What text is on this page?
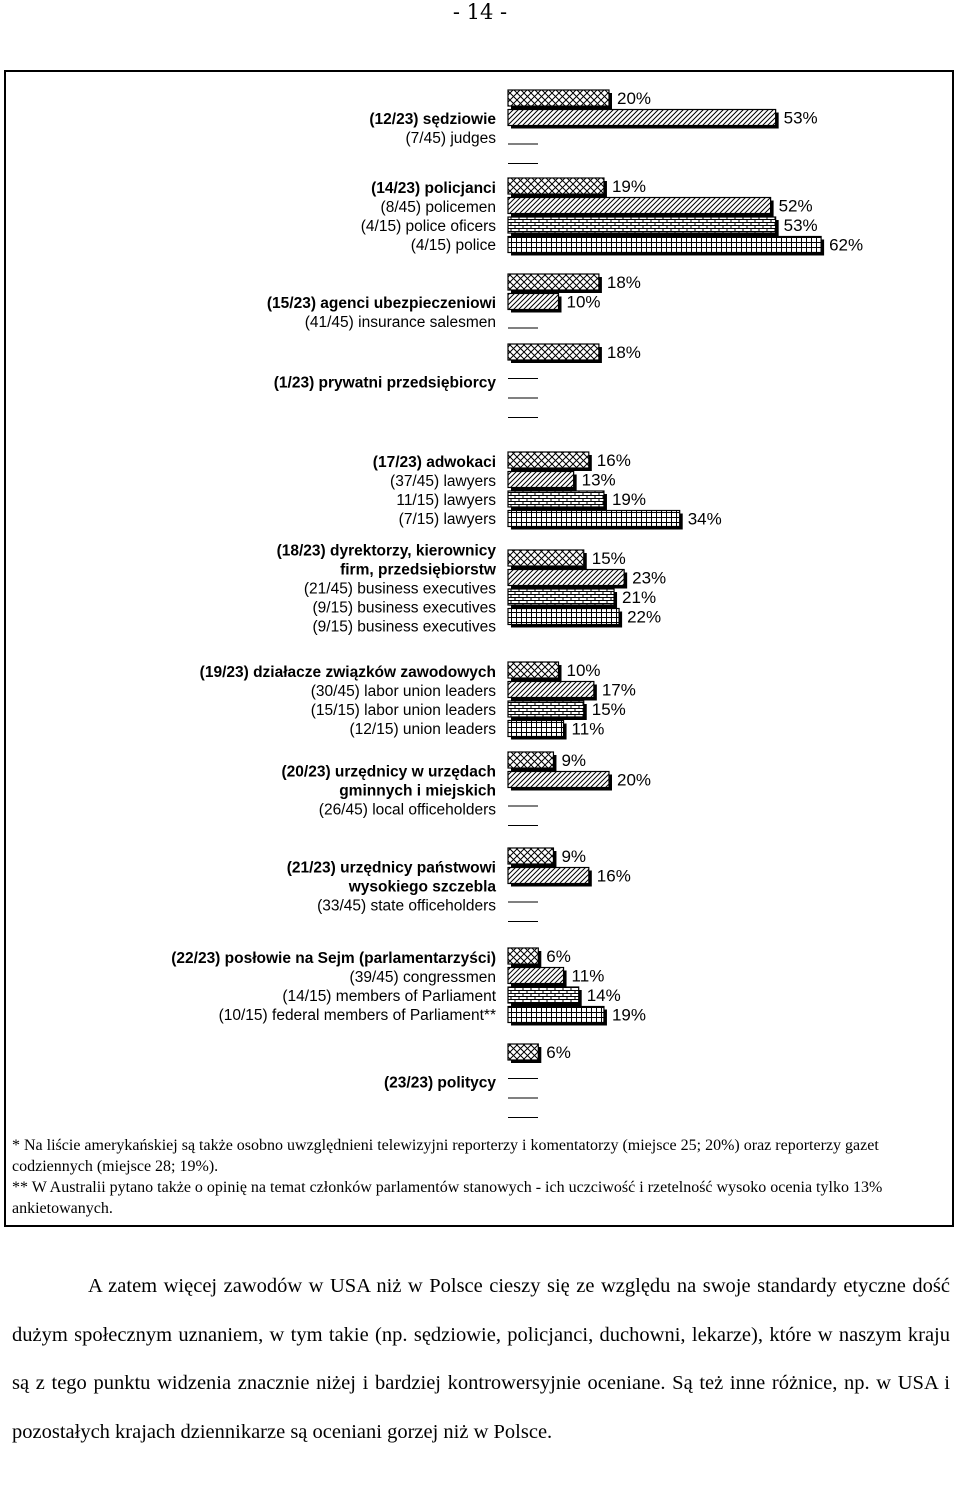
- 14 -
(12/23) sędziowie
(7/45) judges
20%
53%
(14/23) policjanci
(8/45) policemen
(4/15) police oficers
(4/15) police
19%
52%
53%
62%
(15/23) agenci ubezpieczeniowi
(41/45) insurance salesmen
18%
10%
(1/23) prywatni przedsiębiorcy
18%
(17/23) adwokaci
(37/45) lawyers
11/15) lawyers
(7/15) lawyers
16%
13%
19%
34%
(18/23) dyrektorzy, kierownicy
firm, przedsiębiorstw
(21/45) business executives
(9/15) business executives
(9/15) business executives
15%
23%
21%
22%
(19/23) działacze związków zawodowych
(30/45) labor union leaders
(15/15) labor union leaders
(12/15) union leaders
10%
17%
15%
11%
(20/23) urzędnicy w urzędach
gminnych i miejskich
(26/45) local officeholders
9%
20%
(21/23) urzędnicy państwowi
wysokiego szczebla
(33/45) state officeholders
9%
16%
(22/23) posłowie na Sejm (parlamentarzyści)
(39/45) congressmen
(14/15) members of Parliament
(10/15) federal members of Parliament**
6%
11%
14%
19%
(23/23) politycy
6%

* Na liście amerykańskiej są także osobno uwzględnieni telewizyjni reporterzy i komentatorzy (miejsce 25; 20%) oraz reporterzy gazet codziennych (miejsce 28; 19%).

** W Australii pytano także o opinię na temat członków parlamentów stanowych - ich uczciwość i rzetelność wysoko ocenia tylko 13% ankietowanych.

A zatem więcej zawodów w USA niż w Polsce cieszy się ze względu na swoje standardy etyczne dość dużym społecznym uznaniem, w tym takie (np. sędziowie, policjanci, duchowni, lekarze), które w naszym kraju są z tego punktu widzenia znacznie niżej i bardziej kontrowersyjnie oceniane. Są też inne różnice, np. w USA i pozostałych krajach dziennikarze są oceniani gorzej niż w Polsce.
